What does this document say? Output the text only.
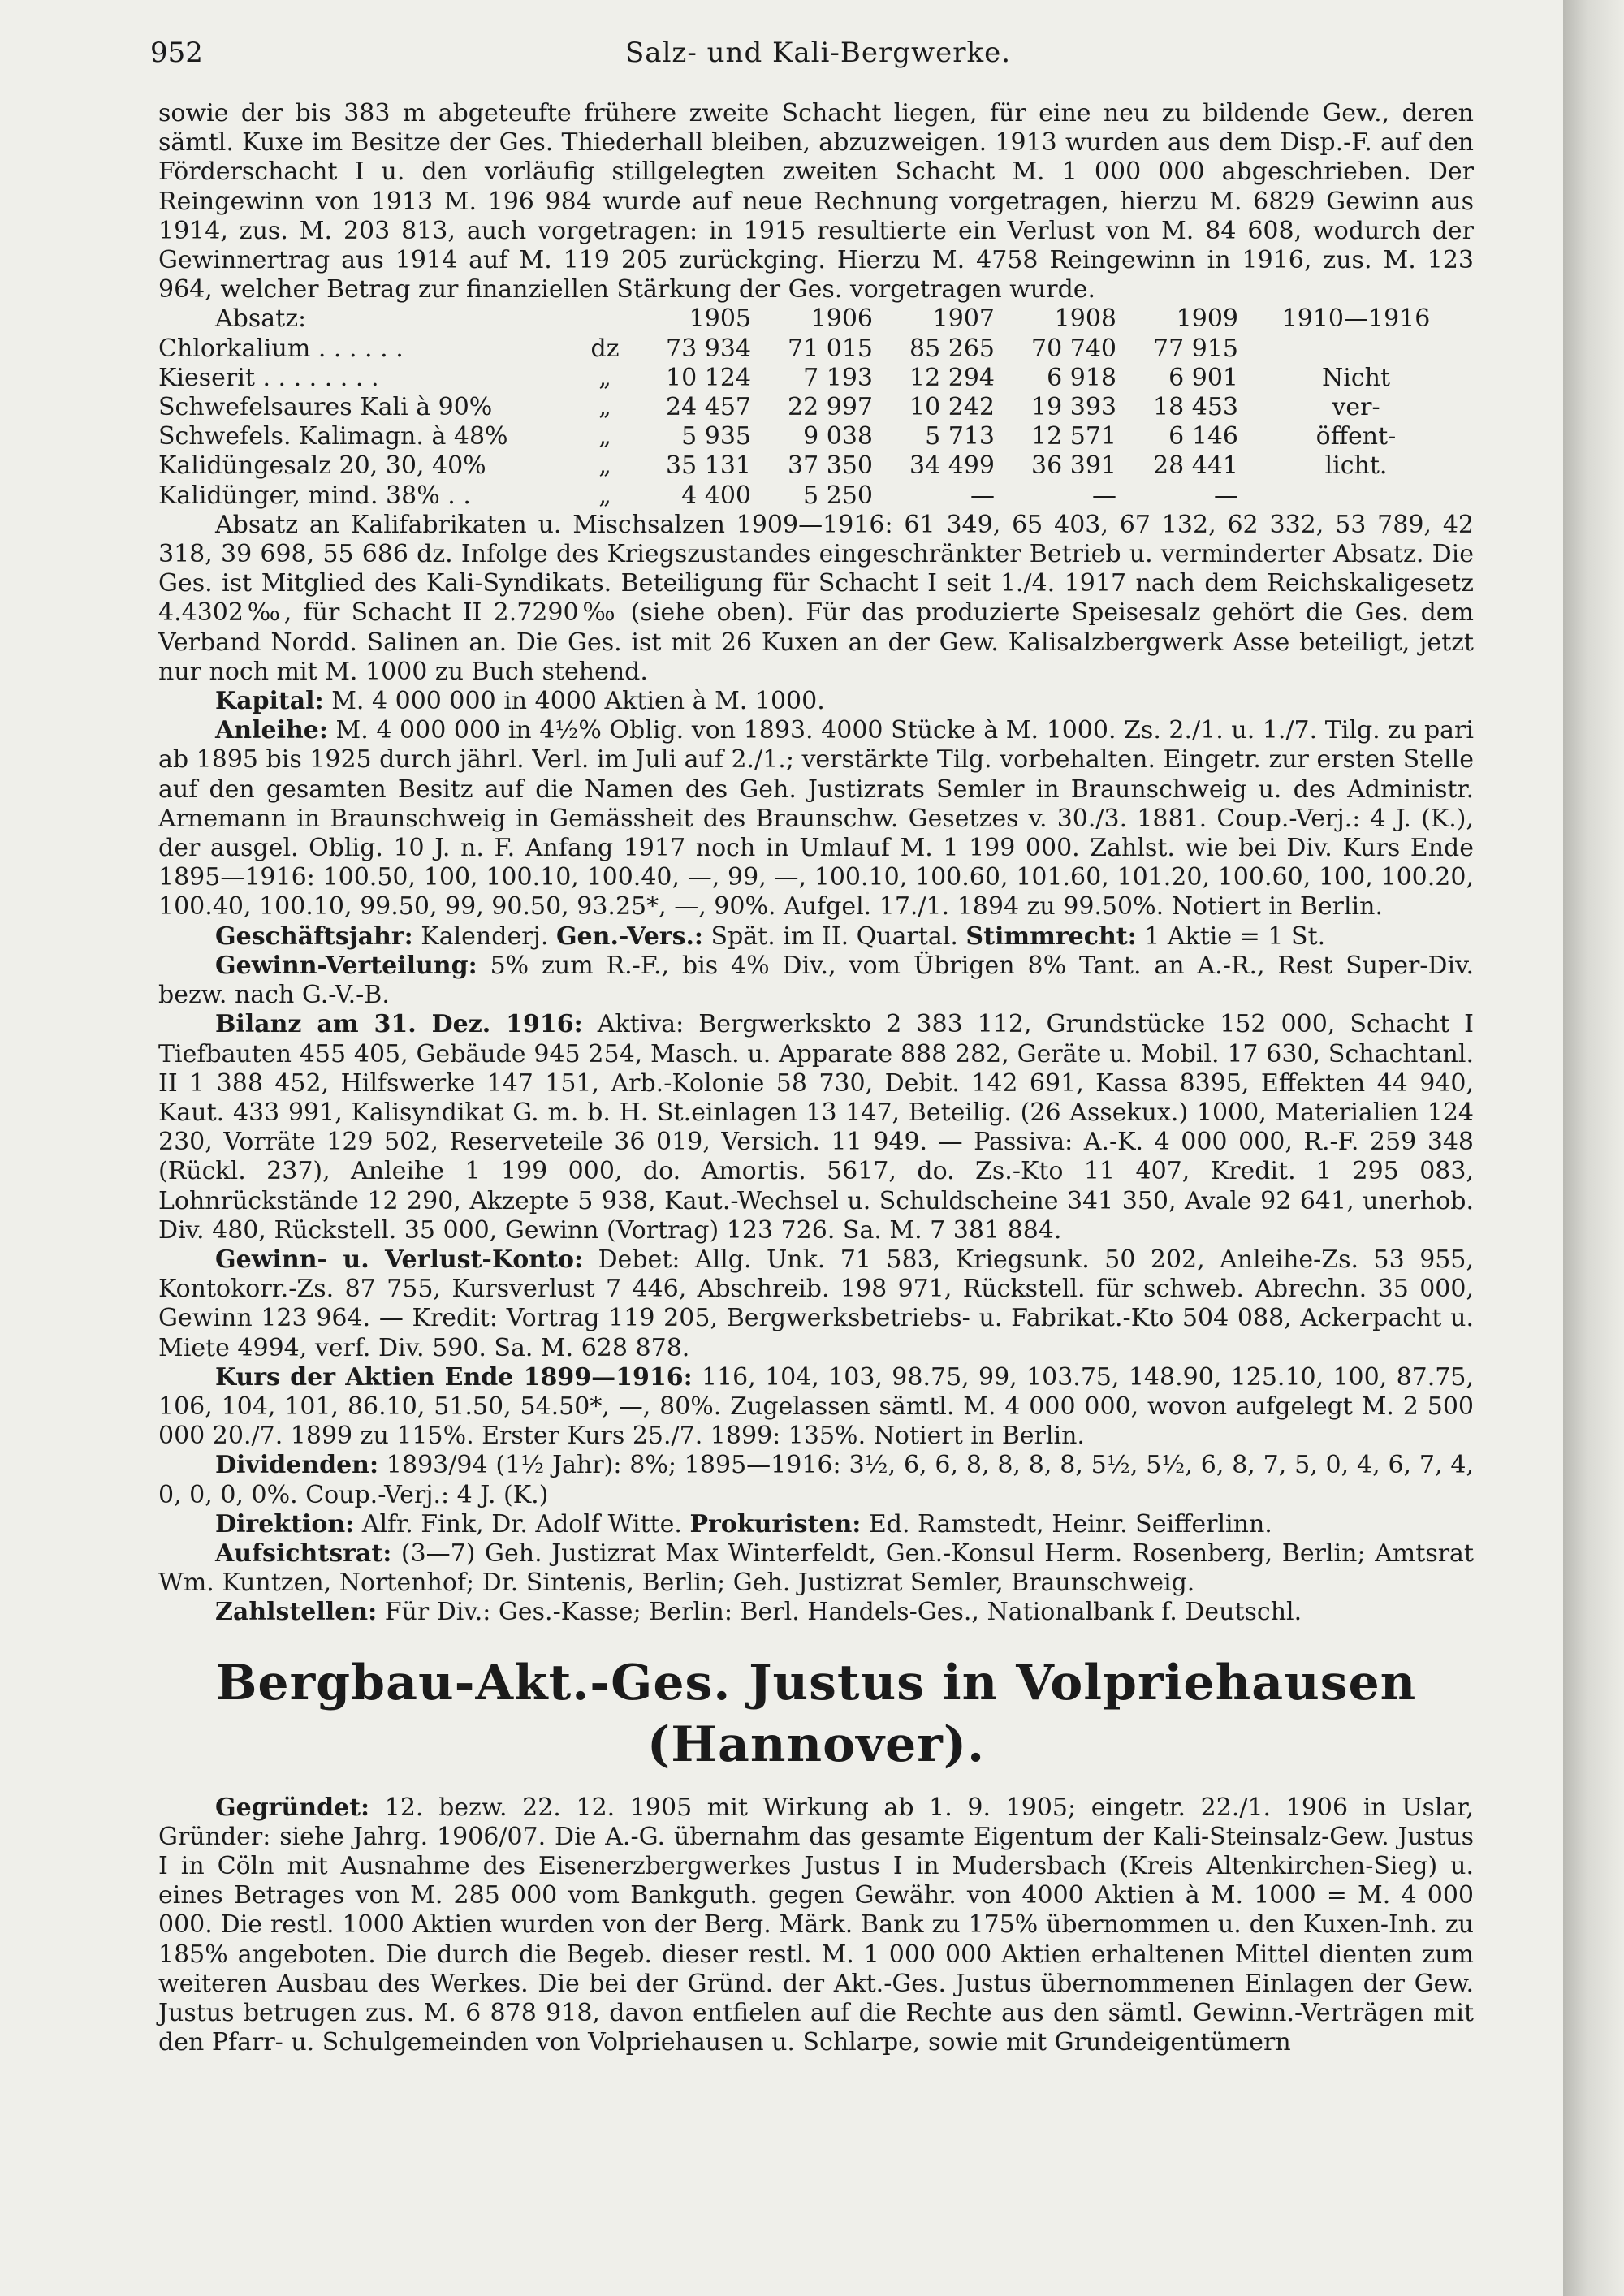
952	Salz- und Kali-Bergwerke.

sowie der bis 383 m abgeteufte frühere zweite Schacht liegen, für eine neu zu bildende Gew., deren sämtl. Kuxe im Besitze der Ges. Thiederhall bleiben, abzuzweigen. 1913 wurden aus dem Disp.-F. auf den Förderschacht I u. den vorläufig stillgelegten zweiten Schacht M. 1 000 000 abgeschrieben. Der Reingewinn von 1913 M. 196 984 wurde auf neue Rechnung vorgetragen, hierzu M. 6829 Gewinn aus 1914, zus. M. 203 813, auch vorgetragen: in 1915 resultierte ein Verlust von M. 84 608, wodurch der Gewinnertrag aus 1914 auf M. 119 205 zurückging. Hierzu M. 4758 Reingewinn in 1916, zus. M. 123 964, welcher Betrag zur finanziellen Stärkung der Ges. vorgetragen wurde.

Absatz:		1905	1906	1907	1908	1909	1910—1916
Chlorkalium . . . . . .	dz	73 934	71 015	85 265	70 740	77 915	
Kieserit . . . . . . . .	„	10 124	7 193	12 294	6 918	6 901	Nicht
Schwefelsaures Kali à 90%	„	24 457	22 997	10 242	19 393	18 453	ver-
Schwefels. Kalimagn. à 48%	„	5 935	9 038	5 713	12 571	6 146	öffent-
Kalidüngesalz 20, 30, 40%	„	35 131	37 350	34 499	36 391	28 441	licht.
Kalidünger, mind. 38% . .	„	4 400	5 250	—	—	—	

Absatz an Kalifabrikaten u. Mischsalzen 1909—1916: 61 349, 65 403, 67 132, 62 332, 53 789, 42 318, 39 698, 55 686 dz. Infolge des Kriegszustandes eingeschränkter Betrieb u. verminderter Absatz. Die Ges. ist Mitglied des Kali-Syndikats. Beteiligung für Schacht I seit 1./4. 1917 nach dem Reichskaligesetz 4.4302‰, für Schacht II 2.7290‰ (siehe oben). Für das produzierte Speisesalz gehört die Ges. dem Verband Nordd. Salinen an. Die Ges. ist mit 26 Kuxen an der Gew. Kalisalzbergwerk Asse beteiligt, jetzt nur noch mit M. 1000 zu Buch stehend.

Kapital: M. 4 000 000 in 4000 Aktien à M. 1000.

Anleihe: M. 4 000 000 in 4½% Oblig. von 1893. 4000 Stücke à M. 1000. Zs. 2./1. u. 1./7. Tilg. zu pari ab 1895 bis 1925 durch jährl. Verl. im Juli auf 2./1.; verstärkte Tilg. vorbehalten. Eingetr. zur ersten Stelle auf den gesamten Besitz auf die Namen des Geh. Justizrats Semler in Braunschweig u. des Administr. Arnemann in Braunschweig in Gemässheit des Braunschw. Gesetzes v. 30./3. 1881. Coup.-Verj.: 4 J. (K.), der ausgel. Oblig. 10 J. n. F. Anfang 1917 noch in Umlauf M. 1 199 000. Zahlst. wie bei Div. Kurs Ende 1895—1916: 100.50, 100, 100.10, 100.40, —, 99, —, 100.10, 100.60, 101.60, 101.20, 100.60, 100, 100.20, 100.40, 100.10, 99.50, 99, 90.50, 93.25*, —, 90%. Aufgel. 17./1. 1894 zu 99.50%. Notiert in Berlin.

Geschäftsjahr: Kalenderj. Gen.-Vers.: Spät. im II. Quartal. Stimmrecht: 1 Aktie = 1 St.

Gewinn-Verteilung: 5% zum R.-F., bis 4% Div., vom Übrigen 8% Tant. an A.-R., Rest Super-Div. bezw. nach G.-V.-B.

Bilanz am 31. Dez. 1916: Aktiva: Bergwerkskto 2 383 112, Grundstücke 152 000, Schacht I Tiefbauten 455 405, Gebäude 945 254, Masch. u. Apparate 888 282, Geräte u. Mobil. 17 630, Schachtanl. II 1 388 452, Hilfswerke 147 151, Arb.-Kolonie 58 730, Debit. 142 691, Kassa 8395, Effekten 44 940, Kaut. 433 991, Kalisyndikat G. m. b. H. St.einlagen 13 147, Beteilig. (26 Assekux.) 1000, Materialien 124 230, Vorräte 129 502, Reserveteile 36 019, Versich. 11 949. — Passiva: A.-K. 4 000 000, R.-F. 259 348 (Rückl. 237), Anleihe 1 199 000, do. Amortis. 5617, do. Zs.-Kto 11 407, Kredit. 1 295 083, Lohnrückstände 12 290, Akzepte 5 938, Kaut.-Wechsel u. Schuldscheine 341 350, Avale 92 641, unerhob. Div. 480, Rückstell. 35 000, Gewinn (Vortrag) 123 726. Sa. M. 7 381 884.

Gewinn- u. Verlust-Konto: Debet: Allg. Unk. 71 583, Kriegsunk. 50 202, Anleihe-Zs. 53 955, Kontokorr.-Zs. 87 755, Kursverlust 7 446, Abschreib. 198 971, Rückstell. für schweb. Abrechn. 35 000, Gewinn 123 964. — Kredit: Vortrag 119 205, Bergwerksbetriebs- u. Fabrikat.-Kto 504 088, Ackerpacht u. Miete 4994, verf. Div. 590. Sa. M. 628 878.

Kurs der Aktien Ende 1899—1916: 116, 104, 103, 98.75, 99, 103.75, 148.90, 125.10, 100, 87.75, 106, 104, 101, 86.10, 51.50, 54.50*, —, 80%. Zugelassen sämtl. M. 4 000 000, wovon aufgelegt M. 2 500 000 20./7. 1899 zu 115%. Erster Kurs 25./7. 1899: 135%. Notiert in Berlin.

Dividenden: 1893/94 (1½ Jahr): 8%; 1895—1916: 3½, 6, 6, 8, 8, 8, 8, 5½, 5½, 6, 8, 7, 5, 0, 4, 6, 7, 4, 0, 0, 0, 0%. Coup.-Verj.: 4 J. (K.)

Direktion: Alfr. Fink, Dr. Adolf Witte. Prokuristen: Ed. Ramstedt, Heinr. Seifferlinn.

Aufsichtsrat: (3—7) Geh. Justizrat Max Winterfeldt, Gen.-Konsul Herm. Rosenberg, Berlin; Amtsrat Wm. Kuntzen, Nortenhof; Dr. Sintenis, Berlin; Geh. Justizrat Semler, Braunschweig.

Zahlstellen: Für Div.: Ges.-Kasse; Berlin: Berl. Handels-Ges., Nationalbank f. Deutschl.

Bergbau-Akt.-Ges. Justus in Volpriehausen (Hannover).

Gegründet: 12. bezw. 22. 12. 1905 mit Wirkung ab 1. 9. 1905; eingetr. 22./1. 1906 in Uslar, Gründer: siehe Jahrg. 1906/07. Die A.-G. übernahm das gesamte Eigentum der Kali-Steinsalz-Gew. Justus I in Cöln mit Ausnahme des Eisenerzbergwerkes Justus I in Mudersbach (Kreis Altenkirchen-Sieg) u. eines Betrages von M. 285 000 vom Bankguth. gegen Gewähr. von 4000 Aktien à M. 1000 = M. 4 000 000. Die restl. 1000 Aktien wurden von der Berg. Märk. Bank zu 175% übernommen u. den Kuxen-Inh. zu 185% angeboten. Die durch die Begeb. dieser restl. M. 1 000 000 Aktien erhaltenen Mittel dienten zum weiteren Ausbau des Werkes. Die bei der Gründ. der Akt.-Ges. Justus übernommenen Einlagen der Gew. Justus betrugen zus. M. 6 878 918, davon entfielen auf die Rechte aus den sämtl. Gewinn.-Verträgen mit den Pfarr- u. Schulgemeinden von Volpriehausen u. Schlarpe, sowie mit Grundeigentümern
